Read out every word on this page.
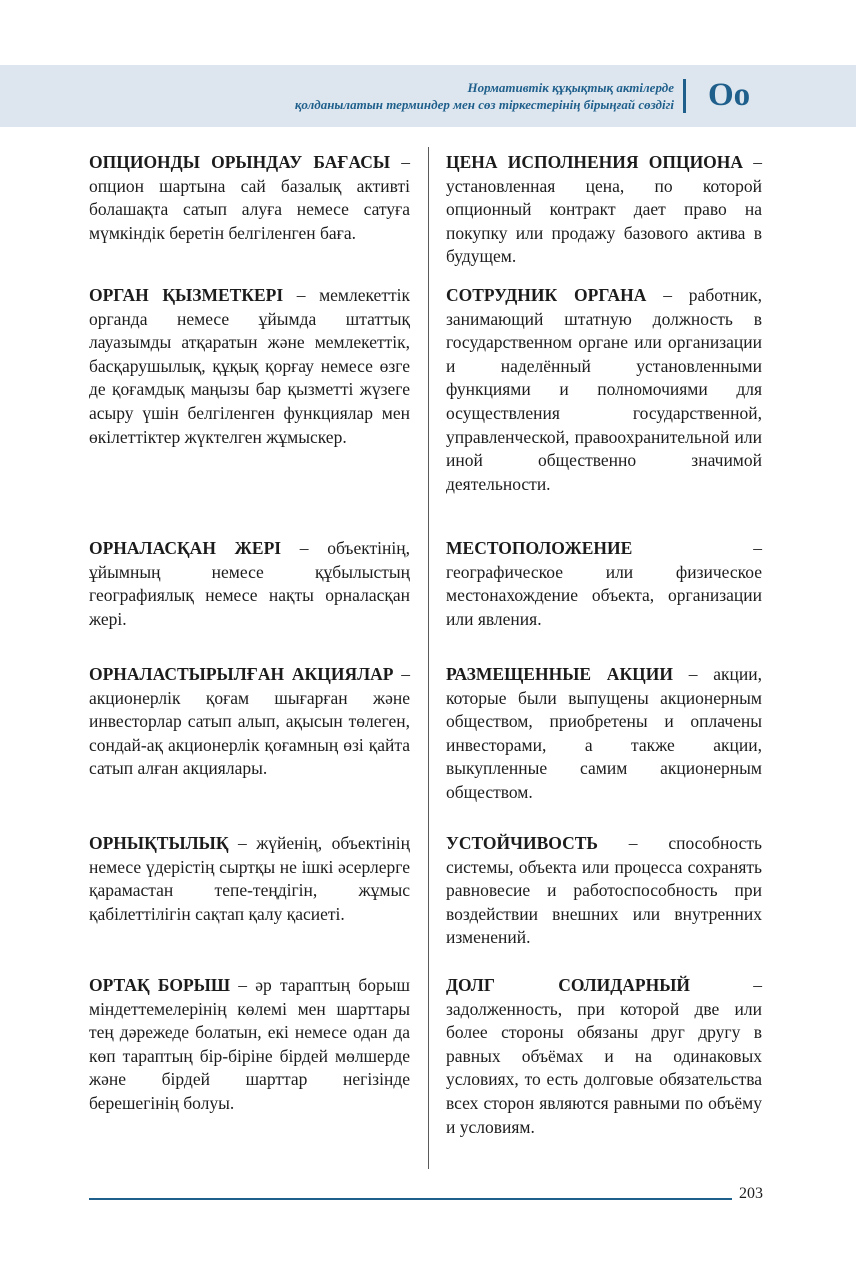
Нормативтік құқықтық актілерде
қолданылатын терминдер мен сөз тіркестерінің бірыңғай сөздігі Оо
ОПЦИОНДЫ ОРЫНДАУ БАҒАСЫ – опцион шартына сай базалық активті болашақта сатып алуға немесе сатуға мүмкіндік беретін белгіленген баға.
ЦЕНА ИСПОЛНЕНИЯ ОПЦИОНА – установленная цена, по которой опционный контракт дает право на покупку или продажу базового актива в будущем.
ОРГАН ҚЫЗМЕТКЕРІ – мемлекеттік органда немесе ұйымда штаттық лауазымды атқаратын және мемлекеттік, басқарушылық, құқық қорғау немесе өзге де қоғамдық маңызы бар қызметті жүзеге асыру үшін белгіленген функциялар мен өкілеттіктер жүктелген жұмыскер.
СОТРУДНИК ОРГАНА – работник, занимающий штатную должность в государственном органе или организации и наделённый установленными функциями и полномочиями для осуществления государственной, управленческой, правоохранительной или иной общественно значимой деятельности.
ОРНАЛАСҚАН ЖЕРІ – объектінің, ұйымның немесе құбылыстың географиялық немесе нақты орналасқан жері.
МЕСТОПОЛОЖЕНИЕ – географическое или физическое местонахождение объекта, организации или явления.
ОРНАЛАСТЫРЫЛҒАН АКЦИЯЛАР – акционерлік қоғам шығарған және инвесторлар сатып алып, ақысын төлеген, сондай-ақ акционерлік қоғамның өзі қайта сатып алған акциялары.
РАЗМЕЩЕННЫЕ АКЦИИ – акции, которые были выпущены акционерным обществом, приобретены и оплачены инвесторами, а также акции, выкупленные самим акционерным обществом.
ОРНЫҚТЫЛЫҚ – жүйенің, объектінің немесе үдерістің сыртқы не ішкі әсерлерге қарамастан тепе-теңдігін, жұмыс қабілеттілігін сақтап қалу қасиеті.
УСТОЙЧИВОСТЬ – способность системы, объекта или процесса сохранять равновесие и работоспособность при воздействии внешних или внутренних изменений.
ОРТАҚ БОРЫШ – әр тараптың борыш міндеттемелерінің көлемі мен шарттары тең дәрежеде болатын, екі немесе одан да көп тараптың бір-біріне бірдей мөлшерде және бірдей шарттар негізінде берешегінің болуы.
ДОЛГ СОЛИДАРНЫЙ – задолженность, при которой две или более стороны обязаны друг другу в равных объёмах и на одинаковых условиях, то есть долговые обязательства всех сторон являются равными по объёму и условиям.
203
